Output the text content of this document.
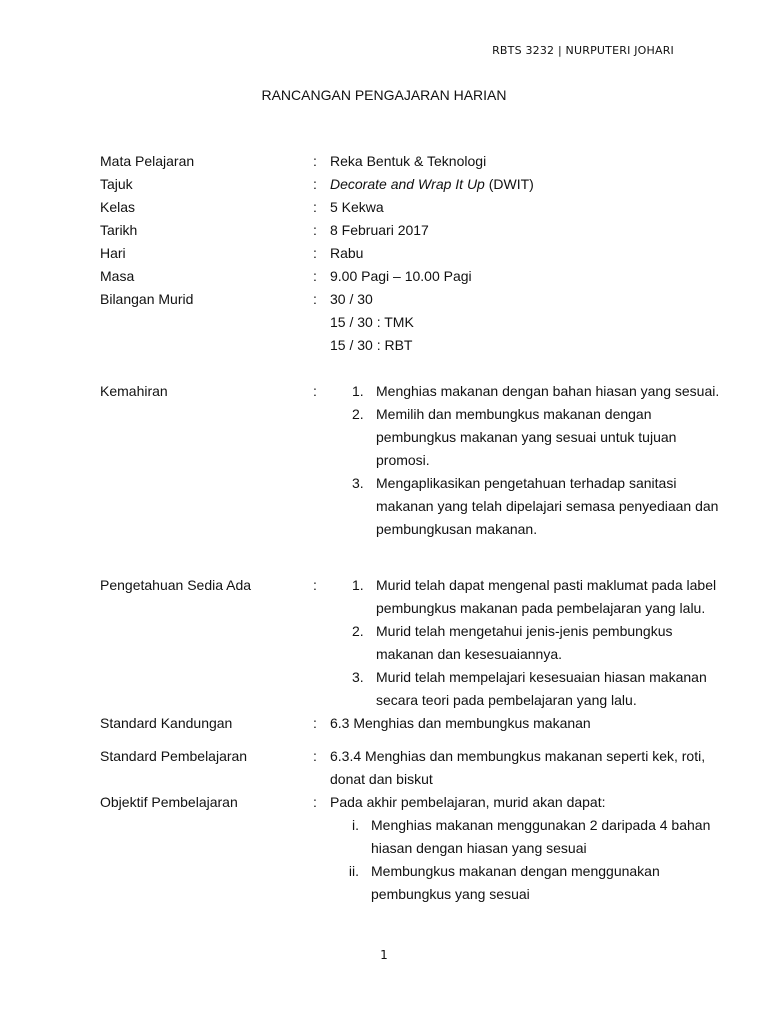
RBTS 3232 | NURPUTERI JOHARI
RANCANGAN PENGAJARAN HARIAN
Mata Pelajaran	: Reka Bentuk & Teknologi
Tajuk	: Decorate and Wrap It Up (DWIT)
Kelas	: 5 Kekwa
Tarikh	: 8 Februari 2017
Hari	: Rabu
Masa	: 9.00 Pagi – 10.00 Pagi
Bilangan Murid	: 30 / 30
15 / 30 : TMK
15 / 30 : RBT
Kemahiran	:	1. Menghias makanan dengan bahan hiasan yang sesuai.
2. Memilih dan membungkus makanan dengan
pembungkus makanan yang sesuai untuk tujuan
promosi.
3. Mengaplikasikan pengetahuan terhadap sanitasi
makanan yang telah dipelajari semasa penyediaan dan
pembungkusan makanan.
Pengetahuan Sedia Ada	:	1. Murid telah dapat mengenal pasti maklumat pada label
pembungkus makanan pada pembelajaran yang lalu.
2. Murid telah mengetahui jenis-jenis pembungkus
makanan dan kesesuaiannya.
3. Murid telah mempelajari kesesuaian hiasan makanan
secara teori pada pembelajaran yang lalu.
Standard Kandungan	: 6.3 Menghias dan membungkus makanan
Standard Pembelajaran	: 6.3.4 Menghias dan membungkus makanan seperti kek, roti,
donat dan biskut
Objektif Pembelajaran	: Pada akhir pembelajaran, murid akan dapat:
i. Menghias makanan menggunakan 2 daripada 4 bahan
hiasan dengan hiasan yang sesuai
ii. Membungkus makanan dengan menggunakan
pembungkus yang sesuai
1
